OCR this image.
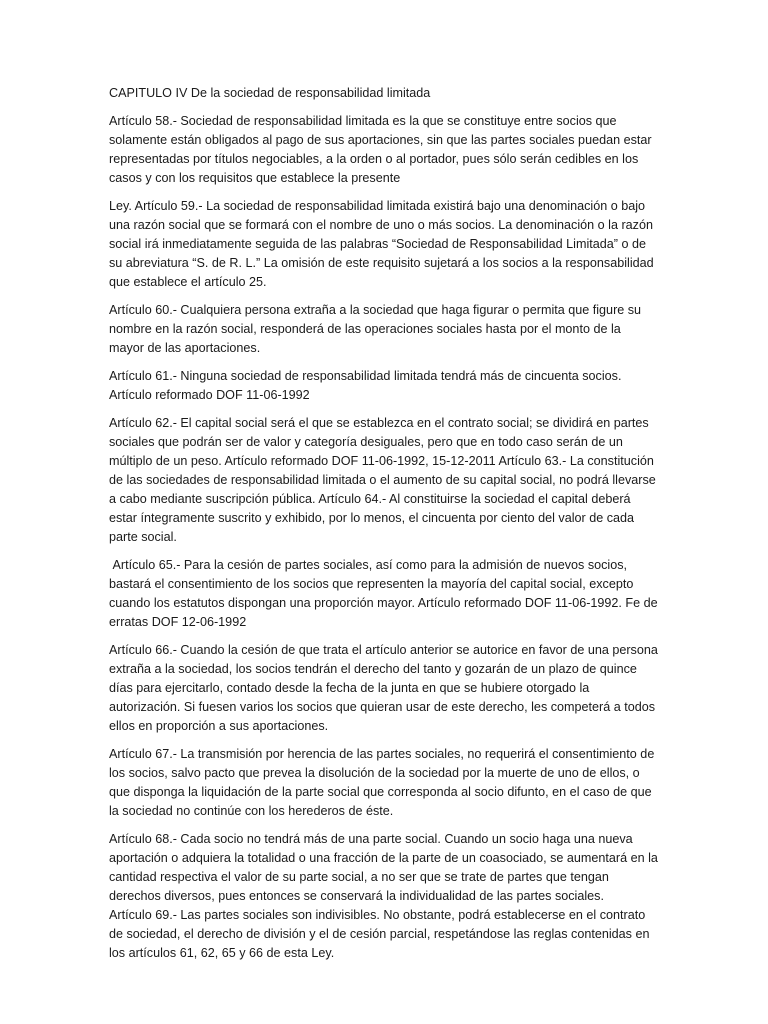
CAPITULO IV De la sociedad de responsabilidad limitada

Artículo 58.- Sociedad de responsabilidad limitada es la que se constituye entre socios que solamente están obligados al pago de sus aportaciones, sin que las partes sociales puedan estar representadas por títulos negociables, a la orden o al portador, pues sólo serán cedibles en los casos y con los requisitos que establece la presente

Ley. Artículo 59.- La sociedad de responsabilidad limitada existirá bajo una denominación o bajo una razón social que se formará con el nombre de uno o más socios. La denominación o la razón social irá inmediatamente seguida de las palabras “Sociedad de Responsabilidad Limitada” o de su abreviatura “S. de R. L.” La omisión de este requisito sujetará a los socios a la responsabilidad que establece el artículo 25.

Artículo 60.- Cualquiera persona extraña a la sociedad que haga figurar o permita que figure su nombre en la razón social, responderá de las operaciones sociales hasta por el monto de la mayor de las aportaciones.

Artículo 61.- Ninguna sociedad de responsabilidad limitada tendrá más de cincuenta socios. Artículo reformado DOF 11-06-1992

Artículo 62.- El capital social será el que se establezca en el contrato social; se dividirá en partes sociales que podrán ser de valor y categoría desiguales, pero que en todo caso serán de un múltiplo de un peso. Artículo reformado DOF 11-06-1992, 15-12-2011 Artículo 63.- La constitución de las sociedades de responsabilidad limitada o el aumento de su capital social, no podrá llevarse a cabo mediante suscripción pública. Artículo 64.- Al constituirse la sociedad el capital deberá estar íntegramente suscrito y exhibido, por lo menos, el cincuenta por ciento del valor de cada parte social.

Artículo 65.- Para la cesión de partes sociales, así como para la admisión de nuevos socios, bastará el consentimiento de los socios que representen la mayoría del capital social, excepto cuando los estatutos dispongan una proporción mayor. Artículo reformado DOF 11-06-1992. Fe de erratas DOF 12-06-1992

Artículo 66.- Cuando la cesión de que trata el artículo anterior se autorice en favor de una persona extraña a la sociedad, los socios tendrán el derecho del tanto y gozarán de un plazo de quince días para ejercitarlo, contado desde la fecha de la junta en que se hubiere otorgado la autorización. Si fuesen varios los socios que quieran usar de este derecho, les competerá a todos ellos en proporción a sus aportaciones.

Artículo 67.- La transmisión por herencia de las partes sociales, no requerirá el consentimiento de los socios, salvo pacto que prevea la disolución de la sociedad por la muerte de uno de ellos, o que disponga la liquidación de la parte social que corresponda al socio difunto, en el caso de que la sociedad no continúe con los herederos de éste.

Artículo 68.- Cada socio no tendrá más de una parte social. Cuando un socio haga una nueva aportación o adquiera la totalidad o una fracción de la parte de un coasociado, se aumentará en la cantidad respectiva el valor de su parte social, a no ser que se trate de partes que tengan derechos diversos, pues entonces se conservará la individualidad de las partes sociales.

Artículo 69.- Las partes sociales son indivisibles. No obstante, podrá establecerse en el contrato de sociedad, el derecho de división y el de cesión parcial, respetándose las reglas contenidas en los artículos 61, 62, 65 y 66 de esta Ley.
